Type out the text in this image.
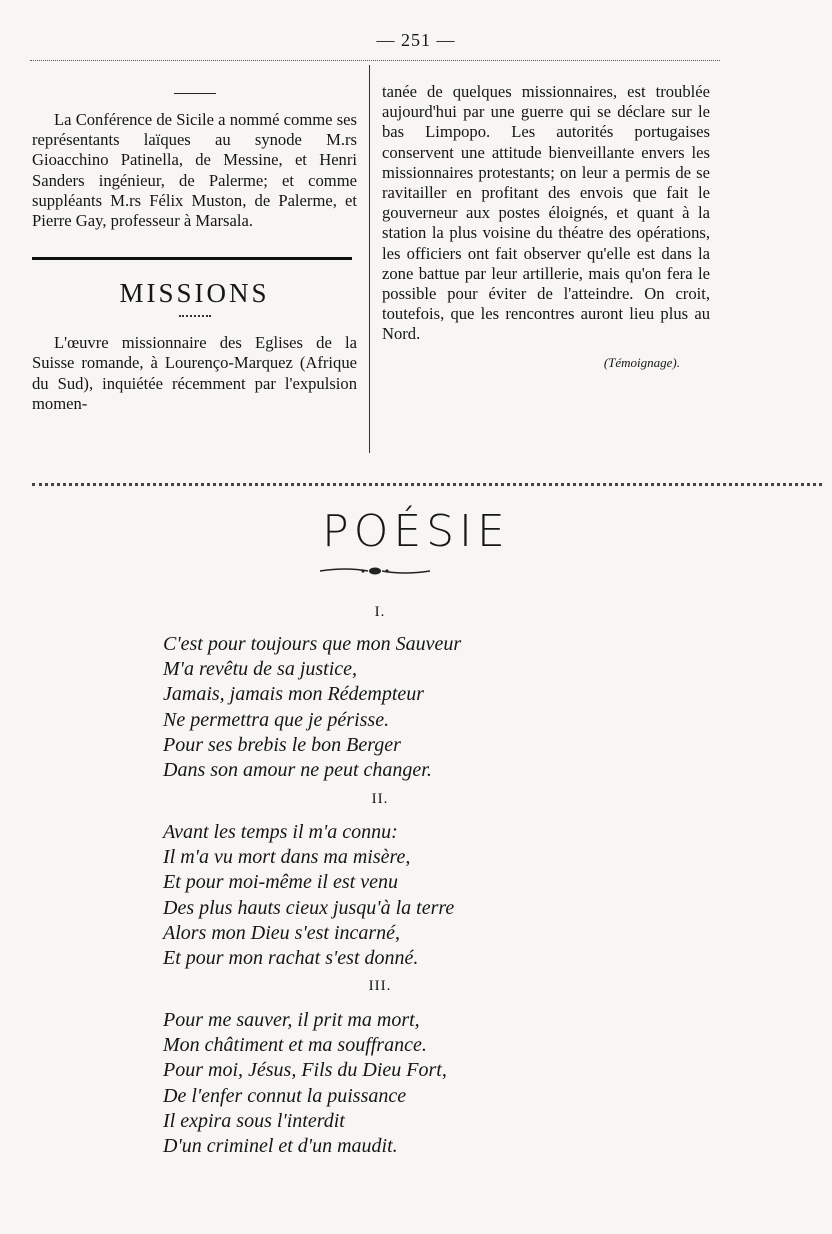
— 251 —

La Conférence de Sicile a nommé comme ses représentants laïques au synode M.rs Gioacchino Patinella, de Messine, et Henri Sanders ingénieur, de Palerme; et comme suppléants M.rs Félix Muston, de Palerme, et Pierre Gay, professeur à Marsala.

MISSIONS

L'œuvre missionnaire des Eglises de la Suisse romande, à Lourenço-Marquez (Afrique du Sud), inquiétée récemment par l'expulsion momen-

tanée de quelques missionnaires, est troublée aujourd'hui par une guerre qui se déclare sur le bas Limpopo. Les autorités portugaises conservent une attitude bienveillante envers les missionnaires protestants; on leur a permis de se ravitailler en profitant des envois que fait le gouverneur aux postes éloignés, et quant à la station la plus voisine du théatre des opérations, les officiers ont fait observer qu'elle est dans la zone battue par leur artillerie, mais qu'on fera le possible pour éviter de l'atteindre. On croit, toutefois, que les rencontres auront lieu plus au Nord.

(Témoignage).
POÉSIE
I.
C'est pour toujours que mon Sauveur
M'a revêtu de sa justice,
Jamais, jamais mon Rédempteur
Ne permettra que je périsse.
Pour ses brebis le bon Berger
Dans son amour ne peut changer.
II.
Avant les temps il m'a connu:
Il m'a vu mort dans ma misère,
Et pour moi-même il est venu
Des plus hauts cieux jusqu'à la terre
Alors mon Dieu s'est incarné,
Et pour mon rachat s'est donné.
III.
Pour me sauver, il prit ma mort,
Mon châtiment et ma souffrance.
Pour moi, Jésus, Fils du Dieu Fort,
De l'enfer connut la puissance
Il expira sous l'interdit
D'un criminel et d'un maudit.
